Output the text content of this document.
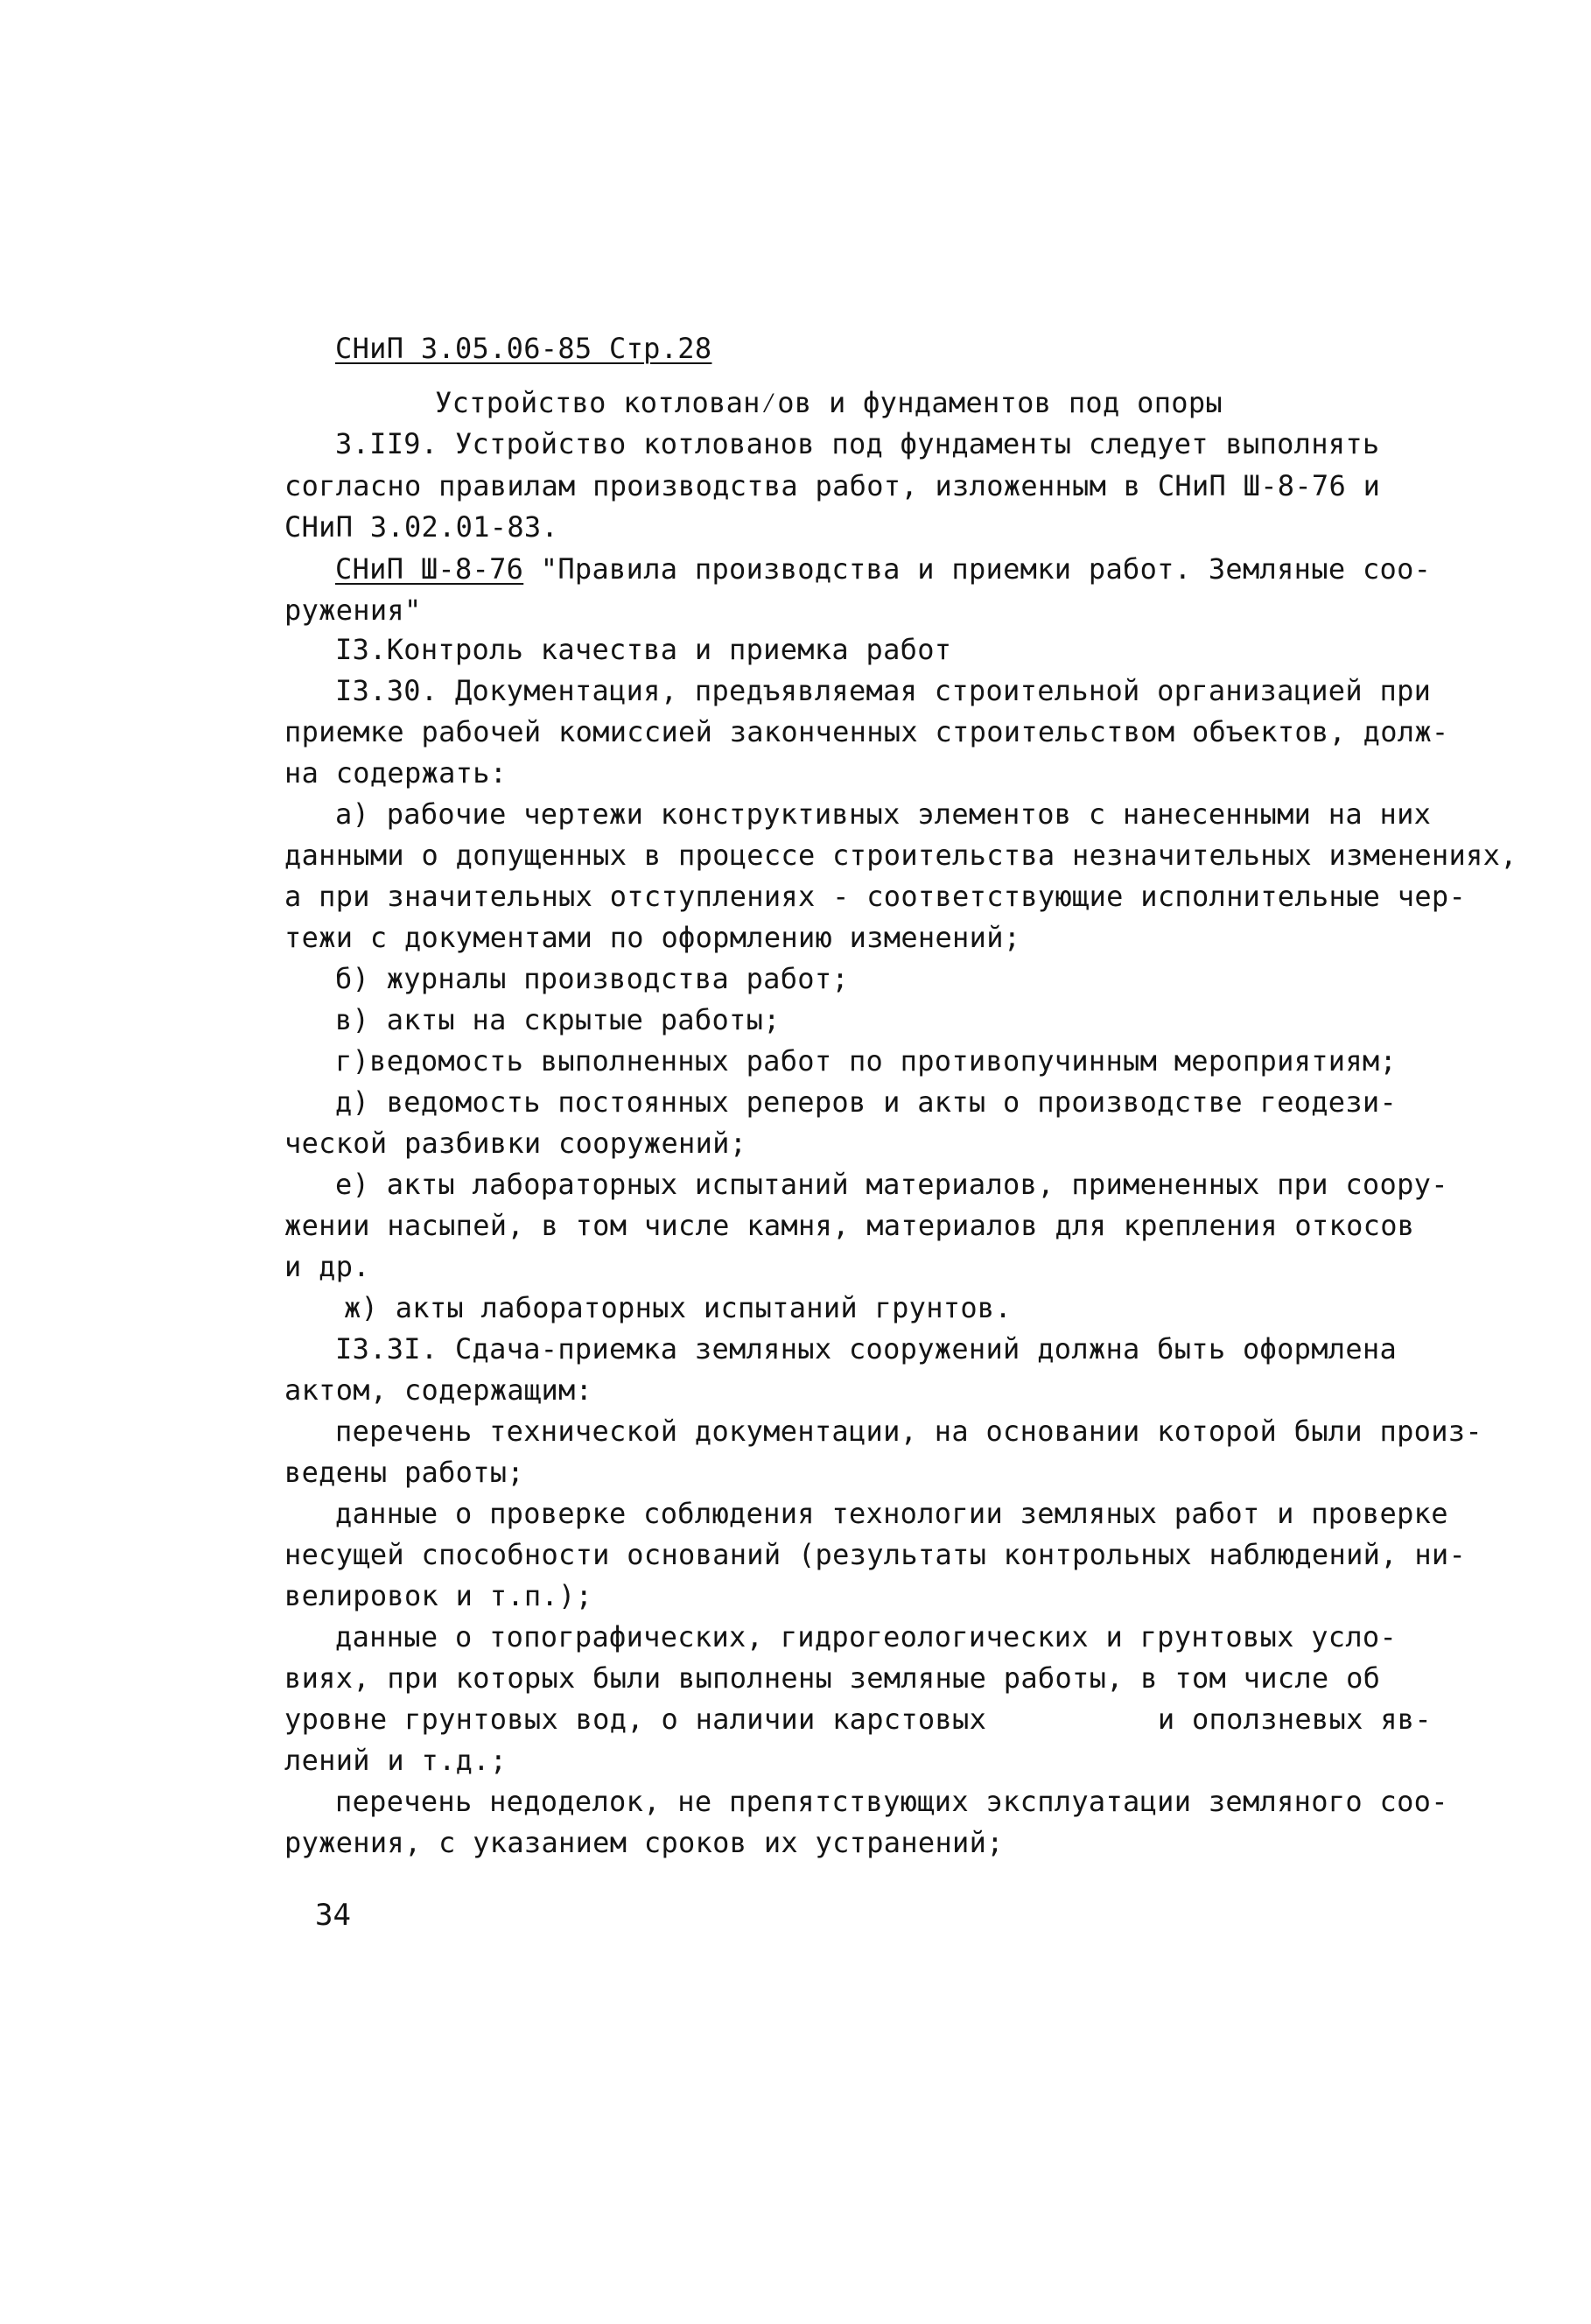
СНиП 3.05.06-85 Стр.28
Устройство котлован⁄ов и фундаментов под опоры
3.II9. Устройство котлованов под фундаменты следует выполнять
согласно правилам производства работ, изложенным в СНиП Ш-8-76 и
СНиП 3.02.01-83.
СНиП Ш-8-76 "Правила производства и приемки работ. Земляные соо-
ружения"
I3.Контроль качества и приемка работ
I3.30. Документация, предъявляемая строительной организацией при
приемке рабочей комиссией законченных строительством объектов, долж-
на содержать:
а) рабочие чертежи конструктивных элементов с нанесенными на них
данными о допущенных в процессе строительства незначительных изменениях,
а при значительных отступлениях - соответствующие исполнительные чер-
тежи с документами по оформлению изменений;
б) журналы производства работ;
в) акты на скрытые работы;
г)ведомость выполненных работ по противопучинным мероприятиям;
д) ведомость постоянных реперов и акты о производстве геодези-
ческой разбивки сооружений;
е) акты лабораторных испытаний материалов, примененных при соору-
жении насыпей, в том числе камня, материалов для крепления откосов
и др.
ж) акты лабораторных испытаний грунтов.
I3.3I. Сдача-приемка земляных сооружений должна быть оформлена
актом, содержащим:
перечень технической документации, на основании которой были произ-
ведены работы;
данные о проверке соблюдения технологии земляных работ и проверке
несущей способности оснований (результаты контрольных наблюдений, ни-
велировок и т.п.);
данные о топографических, гидрогеологических и грунтовых усло-
виях, при которых были выполнены земляные работы, в том числе об
уровне грунтовых вод, о наличии карстовых          и оползневых яв-
лений и т.д.;
перечень недоделок, не препятствующих эксплуатации земляного соо-
ружения, с указанием сроков их устранений;
34
